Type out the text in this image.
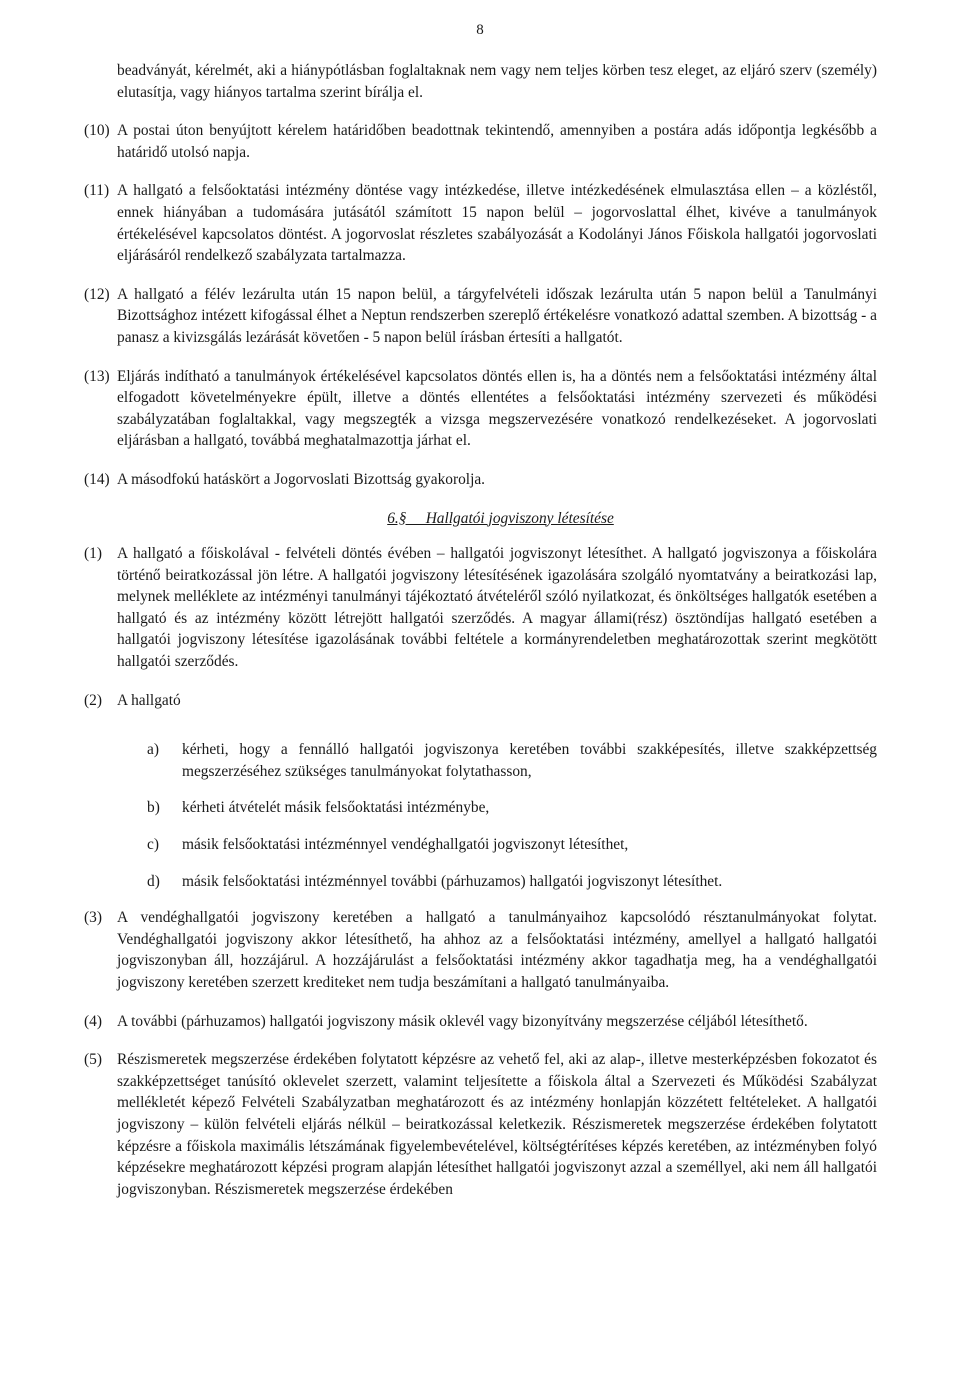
8
beadványát, kérelmét, aki a hiánypótlásban foglaltaknak nem vagy nem teljes körben tesz eleget, az eljáró szerv (személy) elutasítja, vagy hiányos tartalma szerint bírálja el.
(10) A postai úton benyújtott kérelem határidőben beadottnak tekintendő, amennyiben a postára adás időpontja legkésőbb a határidő utolsó napja.
(11) A hallgató a felsőoktatási intézmény döntése vagy intézkedése, illetve intézkedésének elmulasztása ellen – a közléstől, ennek hiányában a tudomására jutásától számított 15 napon belül – jogorvoslattal élhet, kivéve a tanulmányok értékelésével kapcsolatos döntést. A jogorvoslat részletes szabályozását a Kodolányi János Főiskola hallgatói jogorvoslati eljárásáról rendelkező szabályzata tartalmazza.
(12) A hallgató a félév lezárulta után 15 napon belül, a tárgyfelvételi időszak lezárulta után 5 napon belül a Tanulmányi Bizottsághoz intézett kifogással élhet a Neptun rendszerben szereplő értékelésre vonatkozó adattal szemben. A bizottság - a panasz a kivizsgálás lezárását követően - 5 napon belül írásban értesíti a hallgatót.
(13) Eljárás indítható a tanulmányok értékelésével kapcsolatos döntés ellen is, ha a döntés nem a felsőoktatási intézmény által elfogadott követelményekre épült, illetve a döntés ellentétes a felsőoktatási intézmény szervezeti és működési szabályzatában foglaltakkal, vagy megszegték a vizsga megszervezésére vonatkozó rendelkezéseket. A jogorvoslati eljárásban a hallgató, továbbá meghatalmazottja járhat el.
(14) A másodfokú hatáskört a Jogorvoslati Bizottság gyakorolja.
6.§     Hallgatói jogviszony létesítése
(1) A hallgató a főiskolával - felvételi döntés évében – hallgatói jogviszonyt létesíthet. A hallgató jogviszonya a főiskolára történő beiratkozással jön létre. A hallgatói jogviszony létesítésének igazolására szolgáló nyomtatvány a beiratkozási lap, melynek melléklete az intézményi tanulmányi tájékoztató átvételéről szóló nyilatkozat, és önköltséges hallgatók esetében a hallgató és az intézmény között létrejött hallgatói szerződés. A magyar állami(rész) ösztöndíjas hallgató esetében a hallgatói jogviszony létesítése igazolásának további feltétele a kormányrendeletben meghatározottak szerint megkötött hallgatói szerződés.
(2) A hallgató
a)	kérheti, hogy a fennálló hallgatói jogviszonya keretében további szakképesítés, illetve szakképzettség megszerzéséhez szükséges tanulmányokat folytathasson,
b)	kérheti átvételét másik felsőoktatási intézménybe,
c)	másik felsőoktatási intézménnyel vendéghallgatói jogviszonyt létesíthet,
d)	másik felsőoktatási intézménnyel további (párhuzamos) hallgatói jogviszonyt létesíthet.
(3) A vendéghallgatói jogviszony keretében a hallgató a tanulmányaihoz kapcsolódó résztanulmányokat folytat. Vendéghallgatói jogviszony akkor létesíthető, ha ahhoz az a felsőoktatási intézmény, amellyel a hallgató hallgatói jogviszonyban áll, hozzájárul. A hozzájárulást a felsőoktatási intézmény akkor tagadhatja meg, ha a vendéghallgatói jogviszony keretében szerzett krediteket nem tudja beszámítani a hallgató tanulmányaiba.
(4) A további (párhuzamos) hallgatói jogviszony másik oklevél vagy bizonyítvány megszerzése céljából létesíthető.
(5) Részismeretek megszerzése érdekében folytatott képzésre az vehető fel, aki az alap-, illetve mesterképzésben fokozatot és szakképzettséget tanúsító oklevelet szerzett, valamint teljesítette a főiskola által a Szervezeti és Működési Szabályzat mellékletét képező Felvételi Szabályzatban meghatározott és az intézmény honlapján közzétett feltételeket. A hallgatói jogviszony – külön felvételi eljárás nélkül – beiratkozással keletkezik. Részismeretek megszerzése érdekében folytatott képzésre a főiskola maximális létszámának figyelembevételével, költségtérítéses képzés keretében, az intézményben folyó képzésekre meghatározott képzési program alapján létesíthet hallgatói jogviszonyt azzal a személlyel, aki nem áll hallgatói jogviszonyban. Részismeretek megszerzése érdekében
